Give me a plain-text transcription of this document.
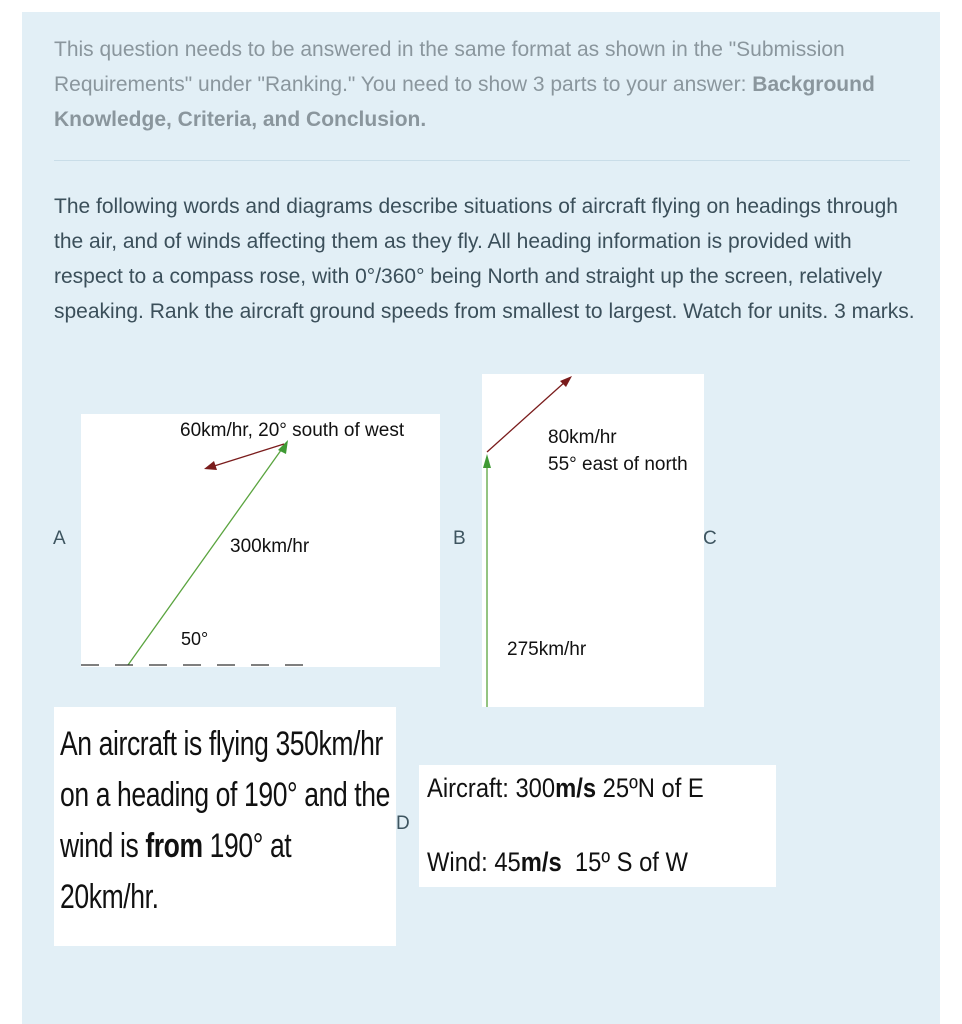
This question needs to be answered in the same format as shown in the "Submission Requirements" under "Ranking." You need to show 3 parts to your answer: Background Knowledge, Criteria, and Conclusion.
The following words and diagrams describe situations of aircraft flying on headings through the air, and of winds affecting them as they fly. All heading information is provided with respect to a compass rose, with 0°/360° being North and straight up the screen, relatively speaking. Rank the aircraft ground speeds from smallest to largest. Watch for units. 3 marks.
60km/hr, 20° south of west
300km/hr
50°
80km/hr
55° east of north
275km/hr
A	B	C
D
An aircraft is flying 350km/hr on a heading of 190° and the wind is from 190° at 20km/hr.
Aircraft: 300m/s 25ºN of E
Wind: 45m/s  15º S of W
